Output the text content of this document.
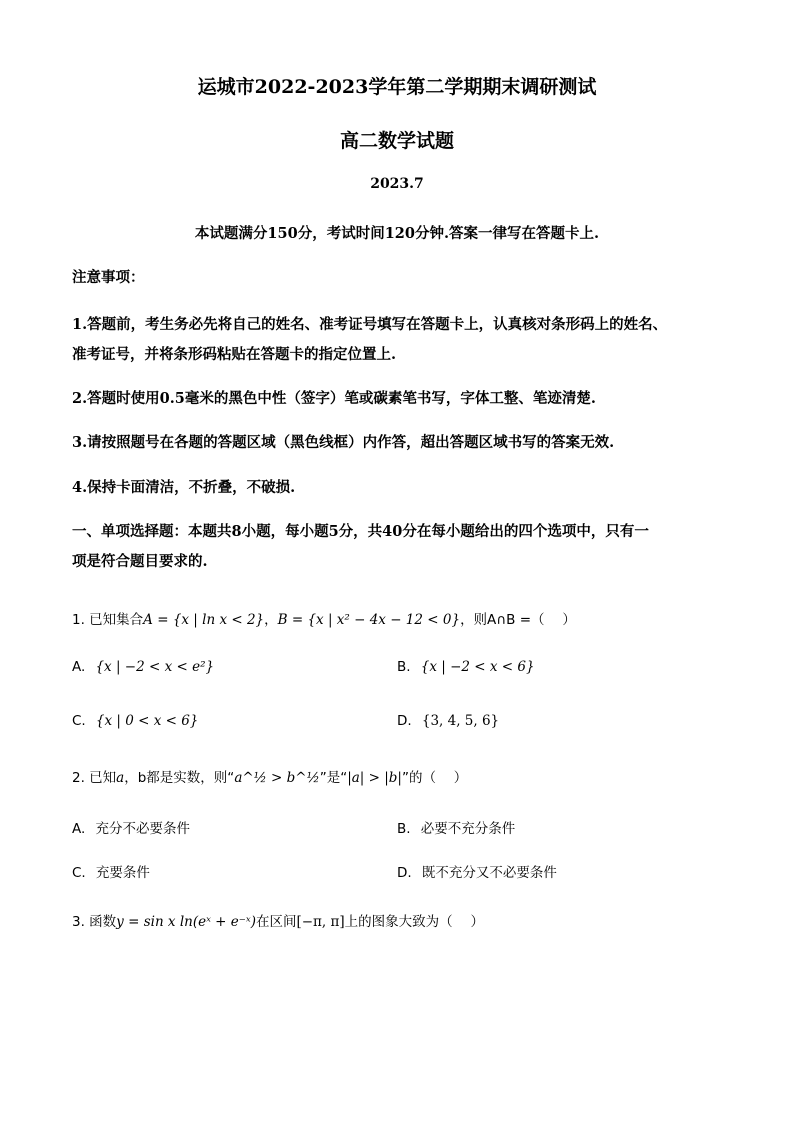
运城市2022-2023学年第二学期期末调研测试
高二数学试题
2023.7
本试题满分150分，考试时间120分钟.答案一律写在答题卡上.
注意事项：
1.答题前，考生务必先将自己的姓名、准考证号填写在答题卡上，认真核对条形码上的姓名、
准考证号，并将条形码粘贴在答题卡的指定位置上.
2.答题时使用0.5毫米的黑色中性（签字）笔或碳素笔书写，字体工整、笔迹清楚.
3.请按照题号在各题的答题区域（黑色线框）内作答，超出答题区域书写的答案无效.
4.保持卡面清洁，不折叠，不破损.
一、单项选择题：本题共8小题，每小题5分，共40分在每小题给出的四个选项中，只有一
项是符合题目要求的.
1. 已知集合A = {x | ln x < 2}，B = {x | x² − 4x − 12 < 0}，则A∩B =（　 ）
A. {x | −2 < x < e²}	B. {x | −2 < x < 6}
C. {x | 0 < x < 6}	D. {3, 4, 5, 6}
2. 已知a，b都是实数，则“a^½ > b^½”是“|a| > |b|”的（　 ）
A. 充分不必要条件	B. 必要不充分条件
C. 充要条件	D. 既不充分又不必要条件
3. 函数y = sin x ln(eˣ + e⁻ˣ)在区间[−π, π]上的图象大致为（　 ）
